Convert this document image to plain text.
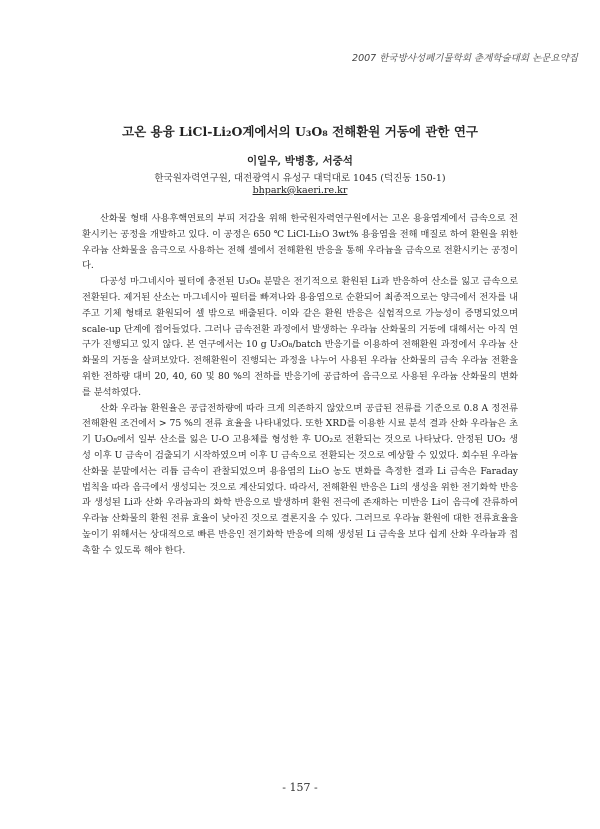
2007 한국방사성폐기물학회 춘계학술대회 논문요약집
고온 용융 LiCl-Li₂O계에서의 U₃O₈ 전해환원 거동에 관한 연구
이일우, 박병흥, 서중석
한국원자력연구원, 대전광역시 유성구 대덕대로 1045 (덕진동 150-1)
bhpark@kaeri.re.kr

산화물 형태 사용후핵연료의 부피 저감을 위해 한국원자력연구원에서는 고온 용융염계에서 금속으로 전환시키는 공정을 개발하고 있다. 이 공정은 650 ℃ LiCl-Li₂O 3wt% 용융염을 전해 매질로 하여 환원을 위한 우라늄 산화물을 음극으로 사용하는 전해 셀에서 전해환원 반응을 통해 우라늄을 금속으로 전환시키는 공정이다.

다공성 마그네시아 필터에 충전된 U₃O₈ 분말은 전기적으로 환원된 Li과 반응하여 산소를 잃고 금속으로 전환된다. 제거된 산소는 마그네시아 필터를 빠져나와 용융염으로 순환되어 최종적으로는 양극에서 전자를 내주고 기체 형태로 환원되어 셀 밖으로 배출된다. 이와 같은 환원 반응은 실험적으로 가능성이 증명되었으며 scale-up 단계에 접어들었다. 그러나 금속전환 과정에서 발생하는 우라늄 산화물의 거동에 대해서는 아직 연구가 진행되고 있지 않다. 본 연구에서는 10 g U₃O₈/batch 반응기를 이용하여 전해환원 과정에서 우라늄 산화물의 거동을 살펴보았다. 전해환원이 진행되는 과정을 나누어 사용된 우라늄 산화물의 금속 우라늄 전환을 위한 전하량 대비 20, 40, 60 및 80 %의 전하를 반응기에 공급하여 음극으로 사용된 우라늄 산화물의 변화를 분석하였다.

산화 우라늄 환원율은 공급전하량에 따라 크게 의존하지 않았으며 공급된 전류를 기준으로 0.8 A 정전류 전해환원 조건에서 > 75 %의 전류 효율을 나타내었다. 또한 XRD를 이용한 시료 분석 결과 산화 우라늄은 초기 U₃O₈에서 일부 산소를 잃은 U-O 고용체를 형성한 후 UO₂로 전환되는 것으로 나타났다. 안정된 UO₂ 생성 이후 U 금속이 검출되기 시작하였으며 이후 U 금속으로 전환되는 것으로 예상할 수 있었다. 회수된 우라늄 산화물 분말에서는 리튬 금속이 관찰되었으며 용융염의 Li₂O 농도 변화를 측정한 결과 Li 금속은 Faraday 법칙을 따라 음극에서 생성되는 것으로 계산되었다. 따라서, 전해환원 반응은 Li의 생성을 위한 전기화학 반응과 생성된 Li과 산화 우라늄과의 화학 반응으로 발생하며 환원 전극에 존재하는 미반응 Li이 음극에 잔류하여 우라늄 산화물의 환원 전류 효율이 낮아진 것으로 결론지을 수 있다. 그러므로 우라늄 환원에 대한 전류효율을 높이기 위해서는 상대적으로 빠른 반응인 전기화학 반응에 의해 생성된 Li 금속을 보다 쉽게 산화 우라늄과 접촉할 수 있도록 해야 한다.

- 157 -
